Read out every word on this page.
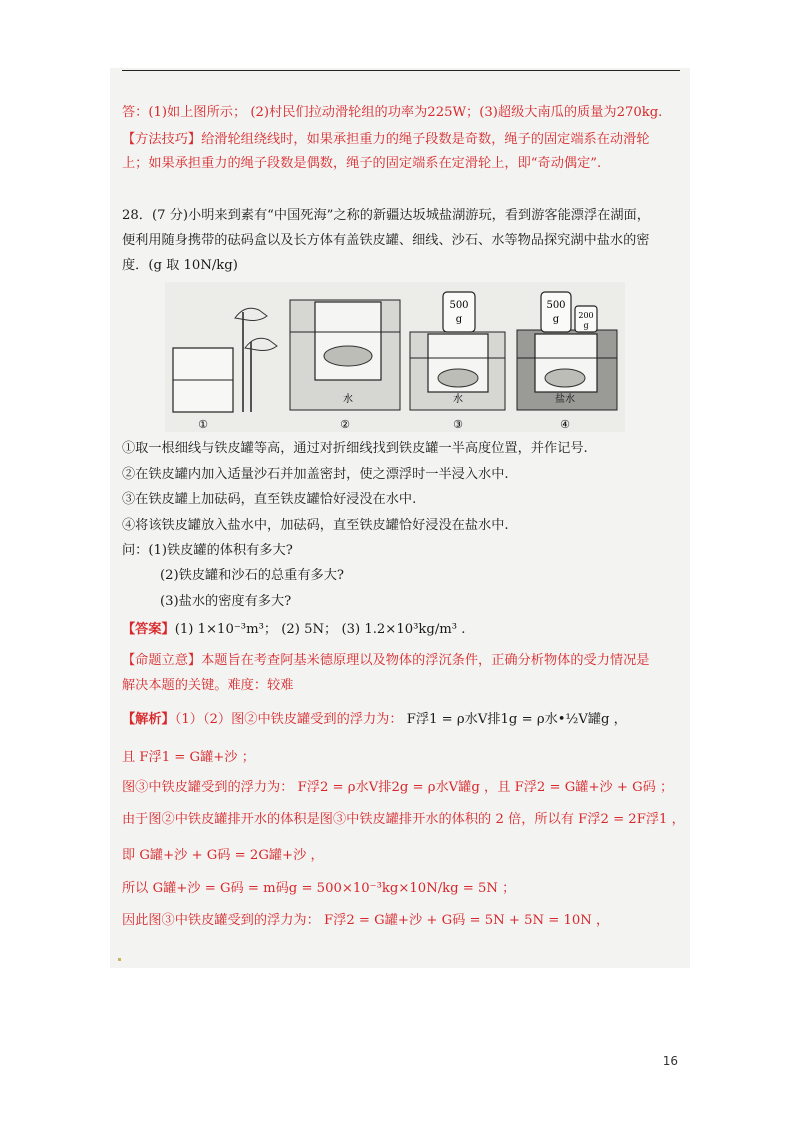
答：(1)如上图所示； (2)村民们拉动滑轮组的功率为225W；(3)超级大南瓜的质量为270kg.
【方法技巧】给滑轮组绕线时，如果承担重力的绳子段数是奇数，绳子的固定端系在动滑轮
上；如果承担重力的绳子段数是偶数，绳子的固定端系在定滑轮上，即“奇动偶定”.
28．(7 分)小明来到素有“中国死海”之称的新疆达坂城盐湖游玩，看到游客能漂浮在湖面，
便利用随身携带的砝码盒以及长方体有盖铁皮罐、细线、沙石、水等物品探究湖中盐水的密
度．(g 取 10N/kg)
①
水
②
500
g
水
③
500
g 200
g
盐水
④
①取一根细线与铁皮罐等高，通过对折细线找到铁皮罐一半高度位置，并作记号.
②在铁皮罐内加入适量沙石并加盖密封，使之漂浮时一半浸入水中.
③在铁皮罐上加砝码，直至铁皮罐恰好浸没在水中.
④将该铁皮罐放入盐水中，加砝码，直至铁皮罐恰好浸没在盐水中.
问：(1)铁皮罐的体积有多大?
(2)铁皮罐和沙石的总重有多大?
(3)盐水的密度有多大?
【答案】(1) 1×10⁻³m³； (2) 5N； (3) 1.2×10³kg/m³ .
【命题立意】本题旨在考查阿基米德原理以及物体的浮沉条件，正确分析物体的受力情况是
解决本题的关键。难度：较难
【解析】（1）（2）图②中铁皮罐受到的浮力为： F浮1 = ρ水V排1g = ρ水•½V罐g ，
且 F浮1 = G罐+沙 ；
图③中铁皮罐受到的浮力为： F浮2 = ρ水V排2g = ρ水V罐g ，且 F浮2 = G罐+沙 + G码 ；
由于图②中铁皮罐排开水的体积是图③中铁皮罐排开水的体积的 2 倍，所以有 F浮2 = 2F浮1 ，
即 G罐+沙 + G码 = 2G罐+沙 ，
所以 G罐+沙 = G码 = m码g = 500×10⁻³kg×10N/kg = 5N ；
因此图③中铁皮罐受到的浮力为： F浮2 = G罐+沙 + G码 = 5N + 5N = 10N ，
16
